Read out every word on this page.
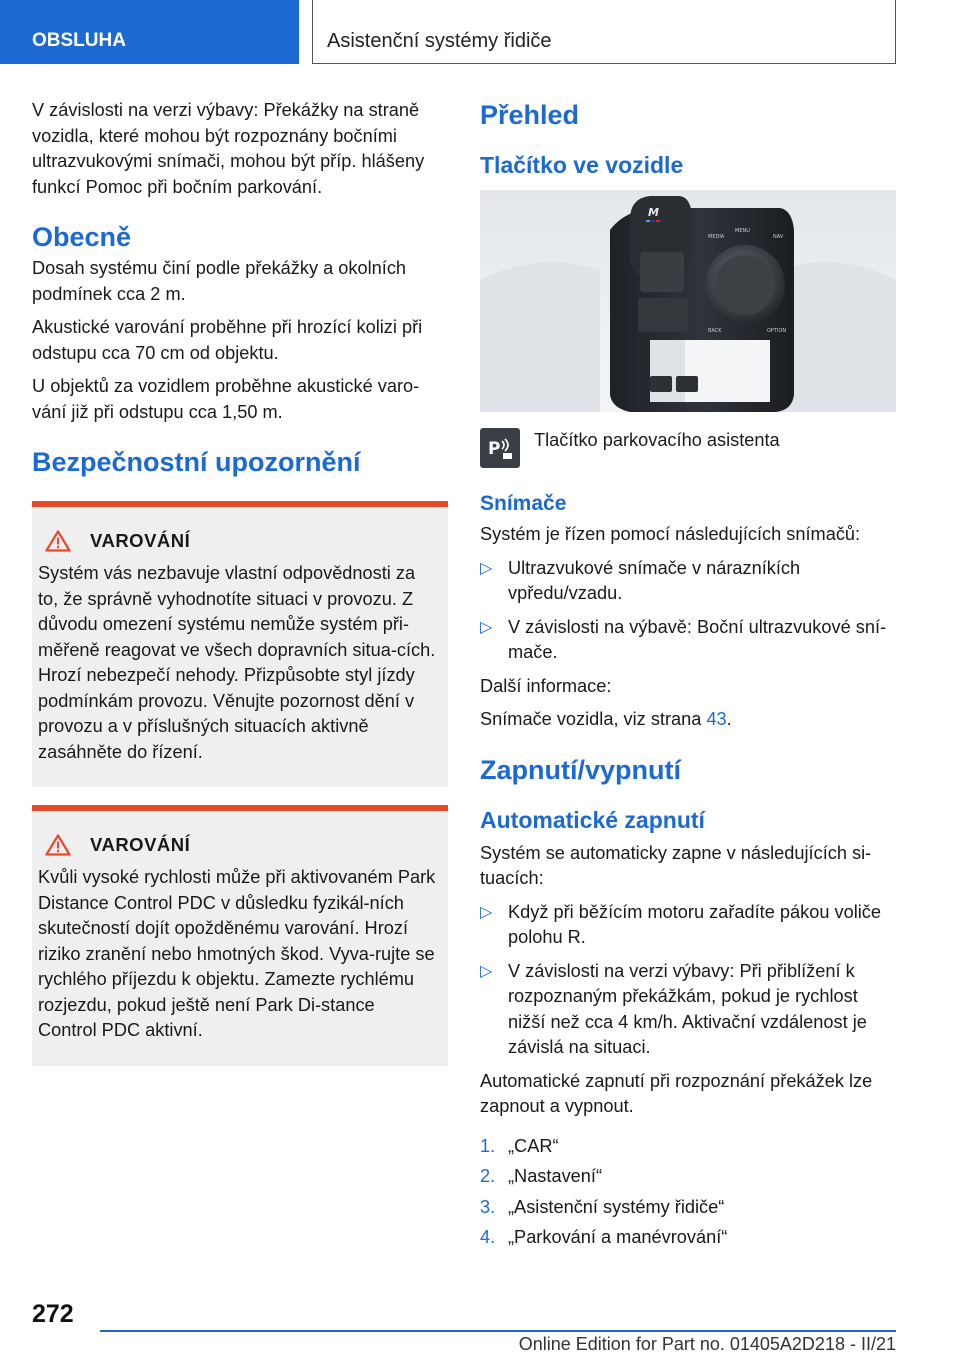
OBSLUHA	Asistenční systémy řidiče

V závislosti na verzi výbavy: Překážky na straně vozidla, které mohou být rozpoznány bočními ultrazvukovými snímači, mohou být příp. hlášeny funkcí Pomoc při bočním parkování.

Obecně

Dosah systému činí podle překážky a okolních podmínek cca 2 m.

Akustické varování proběhne při hrozící kolizi při odstupu cca 70 cm od objektu.

U objektů za vozidlem proběhne akustické varo‐vání již při odstupu cca 1,50 m.

Bezpečnostní upozornění
VAROVÁNÍ

Systém vás nezbavuje vlastní odpovědnosti za to, že správně vyhodnotíte situaci v provozu. Z důvodu omezení systému nemůže systém při‐měřeně reagovat ve všech dopravních situa‐cích. Hrozí nebezpečí nehody. Přizpůsobte styl jízdy podmínkám provozu. Věnujte pozornost dění v provozu a v příslušných situacích aktivně zasáhněte do řízení.

VAROVÁNÍ

Kvůli vysoké rychlosti může při aktivovaném Park Distance Control PDC v důsledku fyzikál‐ních skutečností dojít opožděnému varování. Hrozí riziko zranění nebo hmotných škod. Vyva‐rujte se rychlého příjezdu k objektu. Zamezte rychlému rozjezdu, pokud ještě není Park Di‐stance Control PDC aktivní.

Přehled
Tlačítko ve vozidle
M
MEDIA
MENU
NAV
BACK	OPTION
P Tlačítko parkovacího asistenta
Snímače

Systém je řízen pomocí následujících snímačů:

▷ Ultrazvukové snímače v nárazníkích vpředu/vzadu.
▷ V závislosti na výbavě: Boční ultrazvukové sní‐mače.

Další informace:

Snímače vozidla, viz strana 43.

Zapnutí/vypnutí
Automatické zapnutí

Systém se automaticky zapne v následujících si‐tuacích:

▷ Když při běžícím motoru zařadíte pákou voliče polohu R.
▷ V závislosti na verzi výbavy: Při přiblížení k rozpoznaným překážkám, pokud je rychlost nižší než cca 4 km/h. Aktivační vzdálenost je závislá na situaci.

Automatické zapnutí při rozpoznání překážek lze zapnout a vypnout.

1. „CAR“
2. „Nastavení“
3. „Asistenční systémy řidiče“
4. „Parkování a manévrování“
272
Online Edition for Part no. 01405A2D218 - II/21
